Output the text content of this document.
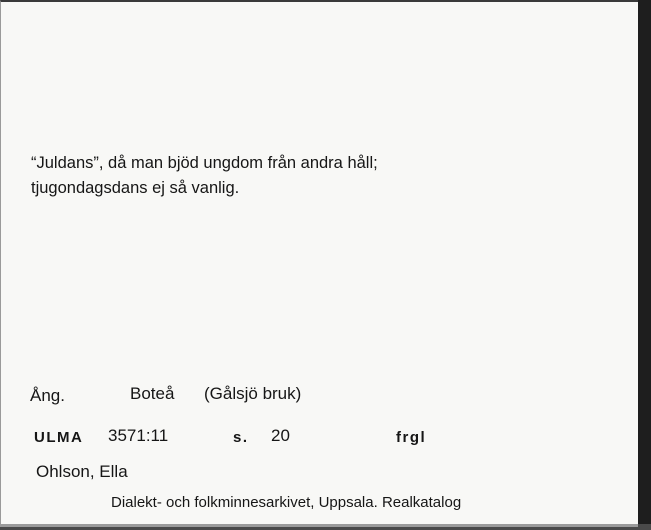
“Juldans”, då man bjöd ungdom från andra håll;
tjugondagsdans ej så vanlig.
Ång.	Boteå (Gålsjö bruk)
ULMA 3571:11	s. 20	frgl
Ohlson, Ella
Dialekt- och folkminnesarkivet, Uppsala. Realkatalog
